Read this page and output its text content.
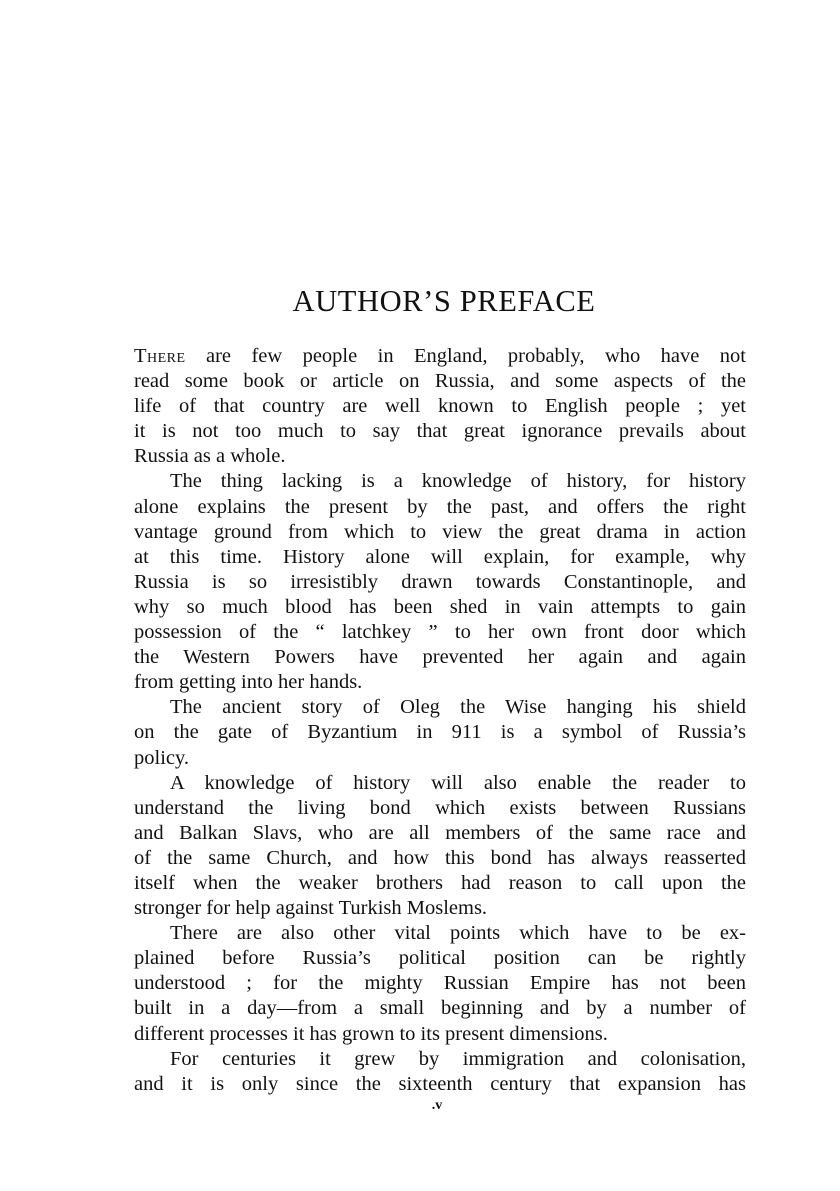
AUTHOR’S PREFACE
There are few people in England, probably, who have not
read some book or article on Russia, and some aspects of the
life of that country are well known to English people ; yet
it is not too much to say that great ignorance prevails about
Russia as a whole.
The thing lacking is a knowledge of history, for history
alone explains the present by the past, and offers the right
vantage ground from which to view the great drama in action
at this time. History alone will explain, for example, why
Russia is so irresistibly drawn towards Constantinople, and
why so much blood has been shed in vain attempts to gain
possession of the “ latchkey ” to her own front door which
the Western Powers have prevented her again and again
from getting into her hands.
The ancient story of Oleg the Wise hanging his shield
on the gate of Byzantium in 911 is a symbol of Russia’s
policy.
A knowledge of history will also enable the reader to
understand the living bond which exists between Russians
and Balkan Slavs, who are all members of the same race and
of the same Church, and how this bond has always reasserted
itself when the weaker brothers had reason to call upon the
stronger for help against Turkish Moslems.
There are also other vital points which have to be ex-
plained before Russia’s political position can be rightly
understood ; for the mighty Russian Empire has not been
built in a day—from a small beginning and by a number of
different processes it has grown to its present dimensions.
For centuries it grew by immigration and colonisation,
and it is only since the sixteenth century that expansion has
.v
